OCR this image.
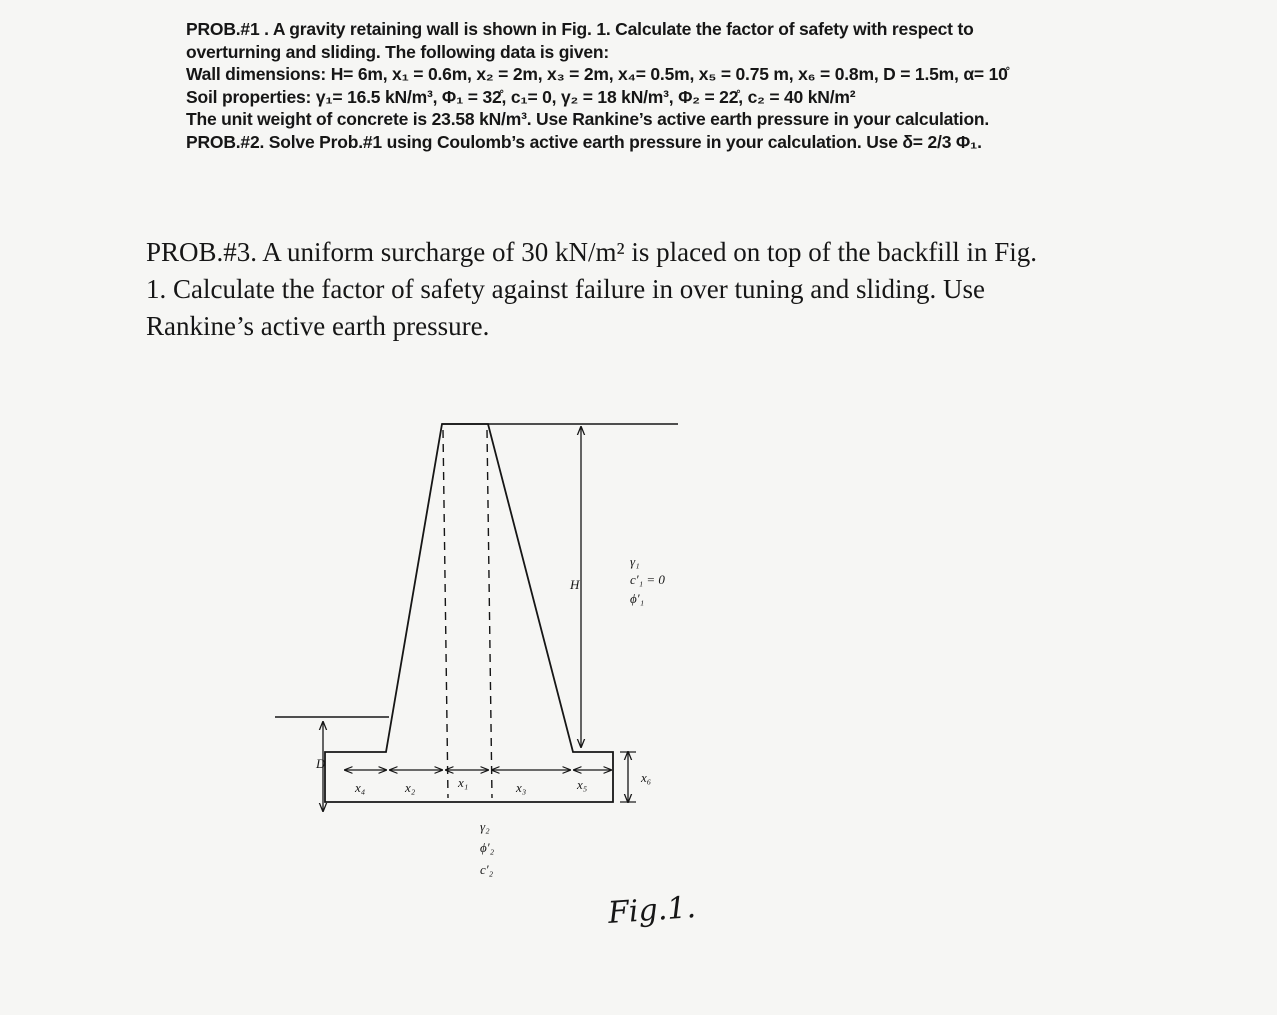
PROB.#1 . A gravity retaining wall is shown in Fig. 1. Calculate the factor of safety with respect to
overturning and sliding. The following data is given:
Wall dimensions: H= 6m, x₁ = 0.6m, x₂ = 2m, x₃ = 2m, x₄= 0.5m, x₅ = 0.75 m, x₆ = 0.8m, D = 1.5m, α= 10̊
Soil properties: γ₁= 16.5 kN/m³, Φ₁ = 32̊, c₁= 0, γ₂ = 18 kN/m³, Φ₂ = 22̊, c₂ = 40 kN/m²
The unit weight of concrete is 23.58 kN/m³. Use Rankine’s active earth pressure in your calculation.
PROB.#2. Solve Prob.#1 using Coulomb’s active earth pressure in your calculation. Use δ= 2/3 Φ₁.
PROB.#3. A uniform surcharge of 30 kN/m² is placed on top of the backfill in Fig.
1. Calculate the factor of safety against failure in over tuning and sliding. Use
Rankine’s active earth pressure.
H
D
x₆
x₄	x₂	x₁	x₃	x₅
γ₁
c′₁ = 0
ϕ′₁
γ₂
ϕ′₂
c′₂
Fig.1.
